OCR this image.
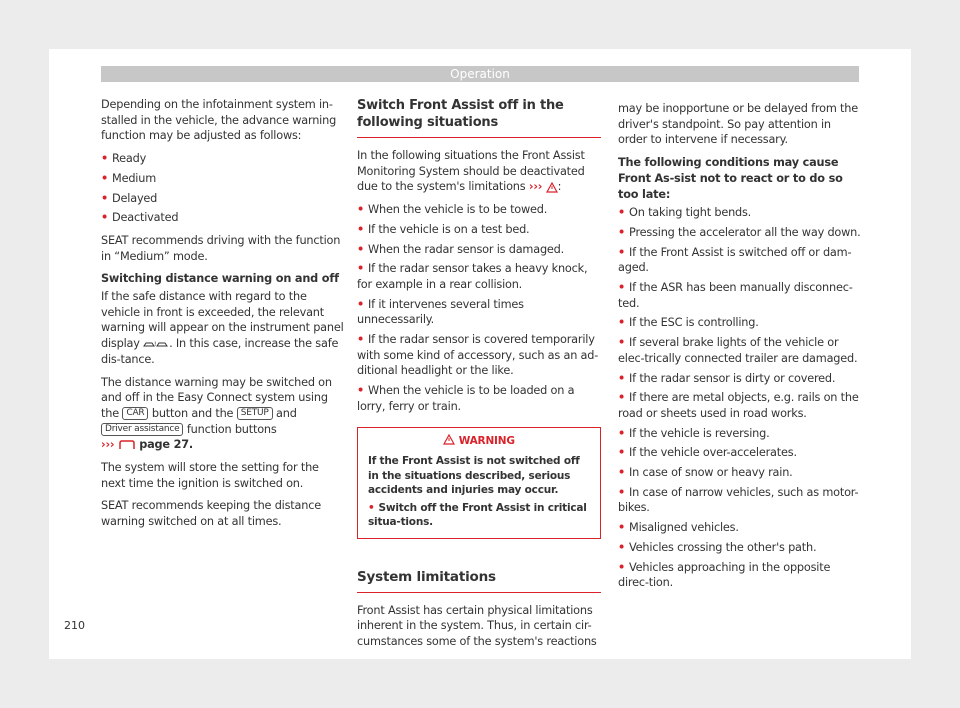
Operation

Depending on the infotainment system in-stalled in the vehicle, the advance warning function may be adjusted as follows:

• Ready
• Medium
• Delayed
• Deactivated

SEAT recommends driving with the function in “Medium” mode.

Switching distance warning on and off

If the safe distance with regard to the vehicle in front is exceeded, the relevant warning will appear on the instrument panel display ! . In this case, increase the safe dis-tance.

The distance warning may be switched on and off in the Easy Connect system using the CAR button and the SETUP and Driver assistance function buttons
››› page 27.

The system will store the setting for the next time the ignition is switched on.

SEAT recommends keeping the distance warning switched on at all times.

Switch Front Assist off in the following situations

In the following situations the Front Assist Monitoring System should be deactivated due to the system's limitations ››› :

• When the vehicle is to be towed.
• If the vehicle is on a test bed.
• When the radar sensor is damaged.
• If the radar sensor takes a heavy knock, for example in a rear collision.
• If it intervenes several times unnecessarily.
• If the radar sensor is covered temporarily with some kind of accessory, such as an ad-ditional headlight or the like.
• When the vehicle is to be loaded on a lorry, ferry or train.
WARNING

If the Front Assist is not switched off in the situations described, serious accidents and injuries may occur.

• Switch off the Front Assist in critical situa-tions.
System limitations

Front Assist has certain physical limitations inherent in the system. Thus, in certain cir-cumstances some of the system's reactions

may be inopportune or be delayed from the driver's standpoint. So pay attention in order to intervene if necessary.

The following conditions may cause Front As-sist not to react or to do so too late:

• On taking tight bends.
• Pressing the accelerator all the way down.
• If the Front Assist is switched off or dam-aged.
• If the ASR has been manually disconnec-ted.
• If the ESC is controlling.
• If several brake lights of the vehicle or elec-trically connected trailer are damaged.
• If the radar sensor is dirty or covered.
• If there are metal objects, e.g. rails on the road or sheets used in road works.
• If the vehicle is reversing.
• If the vehicle over-accelerates.
• In case of snow or heavy rain.
• In case of narrow vehicles, such as motor-bikes.
• Misaligned vehicles.
• Vehicles crossing the other's path.
• Vehicles approaching in the opposite direc-tion.
210
